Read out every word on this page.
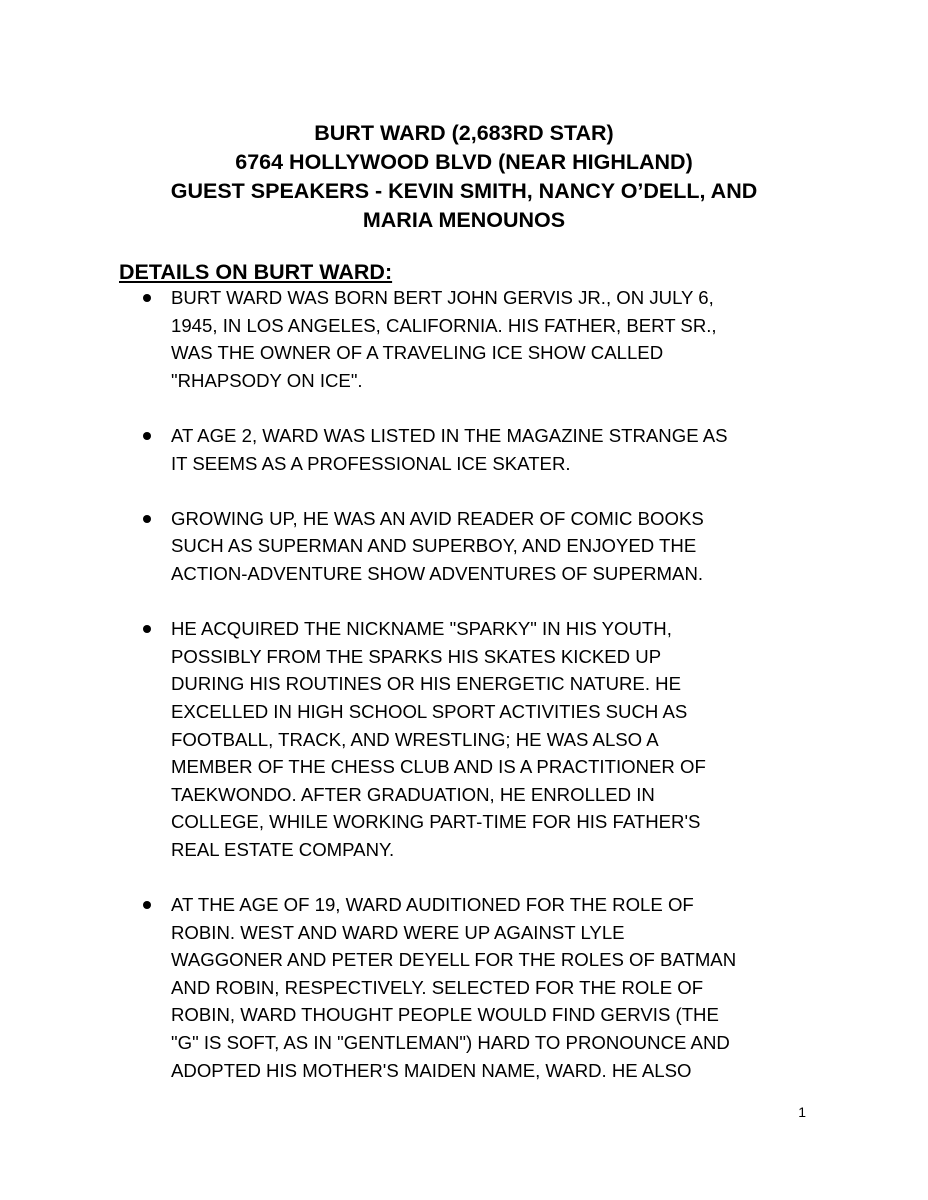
BURT WARD (2,683RD STAR)
6764 HOLLYWOOD BLVD (NEAR HIGHLAND)
GUEST SPEAKERS - KEVIN SMITH, NANCY O’DELL, AND
MARIA MENOUNOS
DETAILS ON BURT WARD:
BURT WARD WAS BORN BERT JOHN GERVIS JR., ON JULY 6,
1945, IN LOS ANGELES, CALIFORNIA. HIS FATHER, BERT SR.,
WAS THE OWNER OF A TRAVELING ICE SHOW CALLED
"RHAPSODY ON ICE".
AT AGE 2, WARD WAS LISTED IN THE MAGAZINE STRANGE AS
IT SEEMS AS A PROFESSIONAL ICE SKATER.
GROWING UP, HE WAS AN AVID READER OF COMIC BOOKS
SUCH AS SUPERMAN AND SUPERBOY, AND ENJOYED THE
ACTION-ADVENTURE SHOW ADVENTURES OF SUPERMAN.
HE ACQUIRED THE NICKNAME "SPARKY" IN HIS YOUTH,
POSSIBLY FROM THE SPARKS HIS SKATES KICKED UP
DURING HIS ROUTINES OR HIS ENERGETIC NATURE. HE
EXCELLED IN HIGH SCHOOL SPORT ACTIVITIES SUCH AS
FOOTBALL, TRACK, AND WRESTLING; HE WAS ALSO A
MEMBER OF THE CHESS CLUB AND IS A PRACTITIONER OF
TAEKWONDO. AFTER GRADUATION, HE ENROLLED IN
COLLEGE, WHILE WORKING PART-TIME FOR HIS FATHER'S
REAL ESTATE COMPANY.
AT THE AGE OF 19, WARD AUDITIONED FOR THE ROLE OF
ROBIN. WEST AND WARD WERE UP AGAINST LYLE
WAGGONER AND PETER DEYELL FOR THE ROLES OF BATMAN
AND ROBIN, RESPECTIVELY. SELECTED FOR THE ROLE OF
ROBIN, WARD THOUGHT PEOPLE WOULD FIND GERVIS (THE
"G" IS SOFT, AS IN "GENTLEMAN") HARD TO PRONOUNCE AND
ADOPTED HIS MOTHER'S MAIDEN NAME, WARD. HE ALSO
1
